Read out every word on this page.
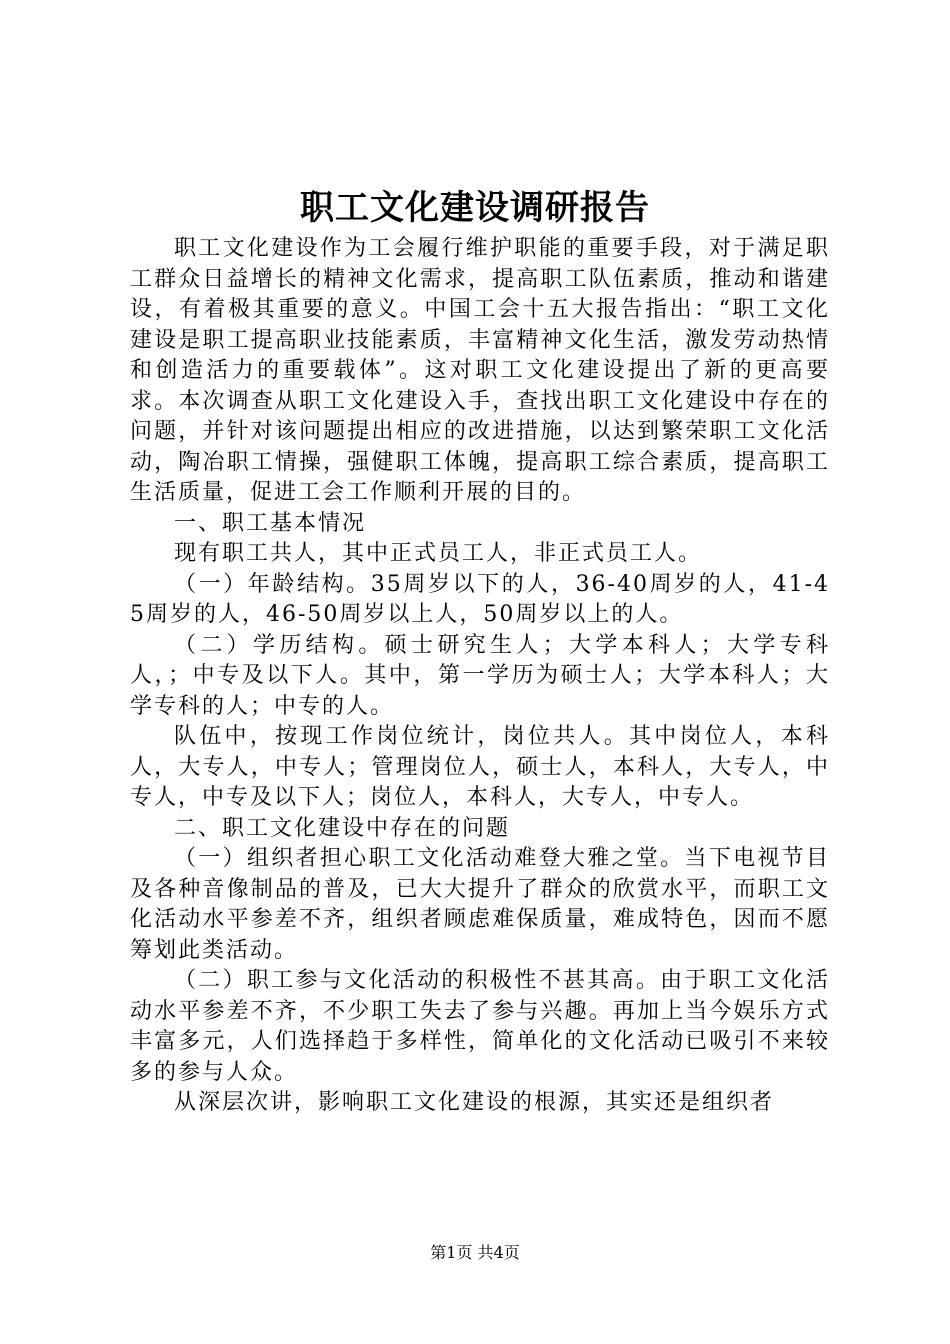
职工文化建设调研报告

职工文化建设作为工会履行维护职能的重要手段，对于满足职工群众日益增长的精神文化需求，提高职工队伍素质，推动和谐建设，有着极其重要的意义。中国工会十五大报告指出：“职工文化建设是职工提高职业技能素质，丰富精神文化生活，激发劳动热情和创造活力的重要载体”。这对职工文化建设提出了新的更高要求。本次调查从职工文化建设入手，查找出职工文化建设中存在的问题，并针对该问题提出相应的改进措施，以达到繁荣职工文化活动，陶冶职工情操，强健职工体魄，提高职工综合素质，提高职工生活质量，促进工会工作顺利开展的目的。

一、职工基本情况

现有职工共人，其中正式员工人，非正式员工人。

（一）年龄结构。35周岁以下的人，36-40周岁的人，41-45周岁的人，46-50周岁以上人，50周岁以上的人。

（二）学历结构。硕士研究生人；大学本科人；大学专科人，；中专及以下人。其中，第一学历为硕士人；大学本科人；大学专科的人；中专的人。

队伍中，按现工作岗位统计，岗位共人。其中岗位人，本科人，大专人，中专人；管理岗位人，硕士人，本科人，大专人，中专人，中专及以下人；岗位人，本科人，大专人，中专人。

二、职工文化建设中存在的问题

（一）组织者担心职工文化活动难登大雅之堂。当下电视节目及各种音像制品的普及，已大大提升了群众的欣赏水平，而职工文化活动水平参差不齐，组织者顾虑难保质量，难成特色，因而不愿筹划此类活动。

（二）职工参与文化活动的积极性不甚其高。由于职工文化活动水平参差不齐，不少职工失去了参与兴趣。再加上当今娱乐方式丰富多元，人们选择趋于多样性，简单化的文化活动已吸引不来较多的参与人众。

从深层次讲，影响职工文化建设的根源，其实还是组织者

第1页 共4页
